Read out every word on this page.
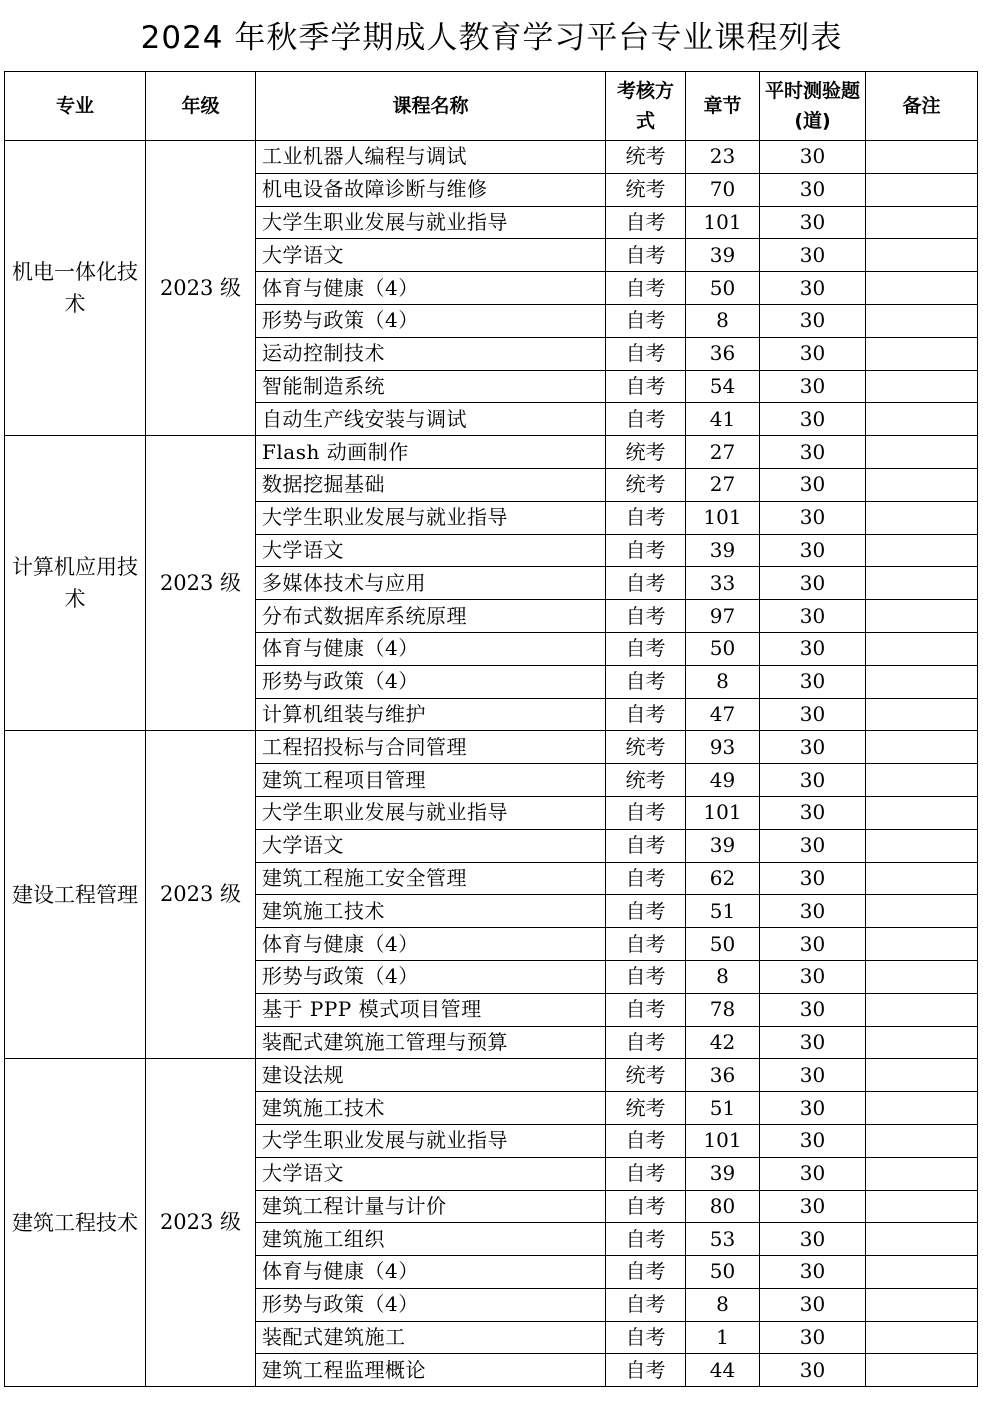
2024 年秋季学期成人教育学习平台专业课程列表
专业	年级	课程名称	考核方式	章节	平时测验题(道)	备注
机电一体化技术	2023 级	工业机器人编程与调试	统考	23	30	
		机电设备故障诊断与维修	统考	70	30	
		大学生职业发展与就业指导	自考	101	30	
		大学语文	自考	39	30	
		体育与健康（4）	自考	50	30	
		形势与政策（4）	自考	8	30	
		运动控制技术	自考	36	30	
		智能制造系统	自考	54	30	
		自动生产线安装与调试	自考	41	30	
计算机应用技术	2023 级	Flash 动画制作	统考	27	30	
		数据挖掘基础	统考	27	30	
		大学生职业发展与就业指导	自考	101	30	
		大学语文	自考	39	30	
		多媒体技术与应用	自考	33	30	
		分布式数据库系统原理	自考	97	30	
		体育与健康（4）	自考	50	30	
		形势与政策（4）	自考	8	30	
		计算机组装与维护	自考	47	30	
建设工程管理	2023 级	工程招投标与合同管理	统考	93	30	
		建筑工程项目管理	统考	49	30	
		大学生职业发展与就业指导	自考	101	30	
		大学语文	自考	39	30	
		建筑工程施工安全管理	自考	62	30	
		建筑施工技术	自考	51	30	
		体育与健康（4）	自考	50	30	
		形势与政策（4）	自考	8	30	
		基于 PPP 模式项目管理	自考	78	30	
		装配式建筑施工管理与预算	自考	42	30	
建筑工程技术	2023 级	建设法规	统考	36	30	
		建筑施工技术	统考	51	30	
		大学生职业发展与就业指导	自考	101	30	
		大学语文	自考	39	30	
		建筑工程计量与计价	自考	80	30	
		建筑施工组织	自考	53	30	
		体育与健康（4）	自考	50	30	
		形势与政策（4）	自考	8	30	
		装配式建筑施工	自考	1	30	
		建筑工程监理概论	自考	44	30	
